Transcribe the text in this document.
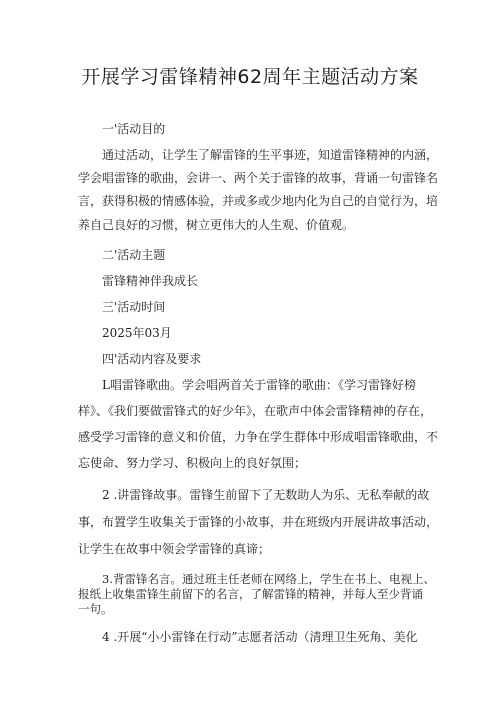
开展学习雷锋精神62周年主题活动方案
一'活动目的
通过活动，让学生了解雷锋的生平事迹，知道雷锋精神的内涵，
学会唱雷锋的歌曲，会讲一、两个关于雷锋的故事，背诵一句雷锋名
言，获得积极的情感体验，并或多或少地内化为自己的自觉行为，培
养自己良好的习惯，树立更伟大的人生观、价值观。
二'活动主题
雷锋精神伴我成长
三'活动时间
2025年03月
四'活动内容及要求
L唱雷锋歌曲。学会唱两首关于雷锋的歌曲：《学习雷锋好榜
样》、《我们要做雷锋式的好少年》，在歌声中体会雷锋精神的存在，
感受学习雷锋的意义和价值，力争在学生群体中形成唱雷锋歌曲，不
忘使命、努力学习、积极向上的良好氛围；
2 .讲雷锋故事。雷锋生前留下了无数助人为乐、无私奉献的故
事，布置学生收集关于雷锋的小故事，并在班级内开展讲故事活动，
让学生在故事中领会学雷锋的真谛；
3.背雷锋名言。通过班主任老师在网络上，学生在书上、电视上、
报纸上收集雷锋生前留下的名言，了解雷锋的精神，并每人至少背诵
一句。
4 .开展“小小雷锋在行动”志愿者活动（清理卫生死角、美化
